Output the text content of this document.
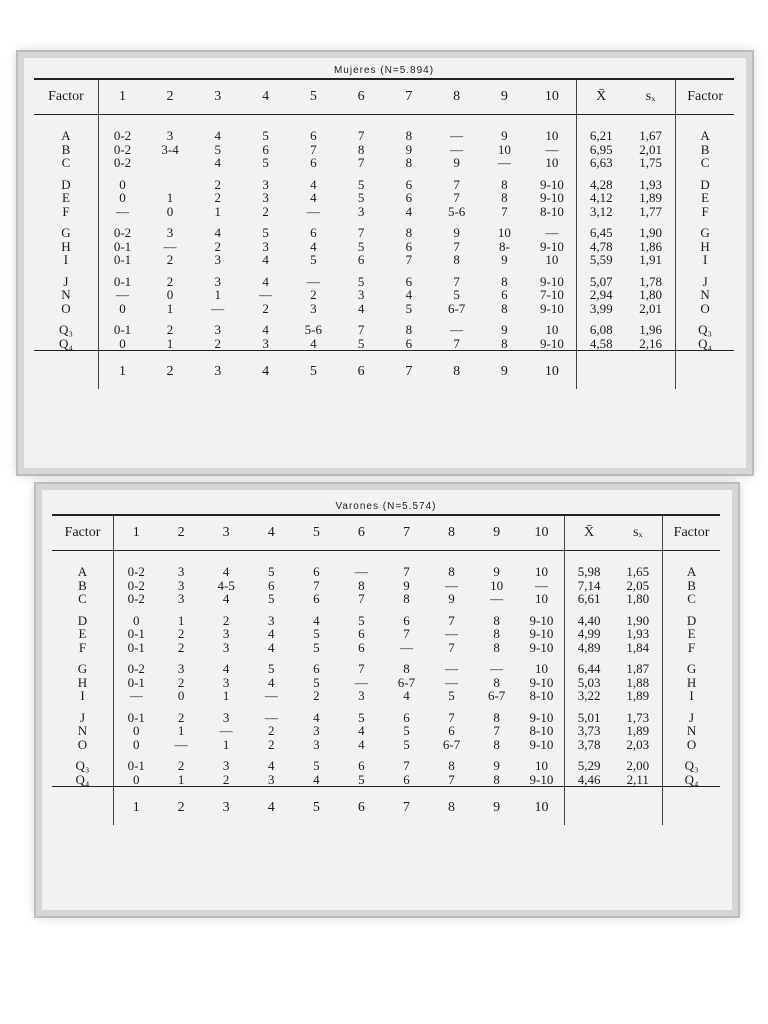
Mujeres (N=5.894)
Factor	1	2	3	4	5	6	7	8	9	10	X̄	sₓ	Factor
A	0-2	3	4	5	6	7	8	—	9	10	6,21	1,67	A
B	0-2	3-4	5	6	7	8	9	—	10	—	6,95	2,01	B
C	0-2		4	5	6	7	8	9	—	10	6,63	1,75	C

D	0		2	3	4	5	6	7	8	9-10	4,28	1,93	D
E	0	1	2	3	4	5	6	7	8	9-10	4,12	1,89	E
F	—	0	1	2	—	3	4	5-6	7	8-10	3,12	1,77	F

G	0-2	3	4	5	6	7	8	9	10	—	6,45	1,90	G
H	0-1	—	2	3	4	5	6	7	8-	9-10	4,78	1,86	H
I	0-1	2	3	4	5	6	7	8	9	10	5,59	1,91	I

J	0-1	2	3	4	—	5	6	7	8	9-10	5,07	1,78	J
N	—	0	1	—	2	3	4	5	6	7-10	2,94	1,80	N
O	0	1	—	2	3	4	5	6-7	8	9-10	3,99	2,01	O

Q₃	0-1	2	3	4	5-6	7	8	—	9	10	6,08	1,96	Q₃
Q₄	0	1	2	3	4	5	6	7	8	9-10	4,58	2,16	Q₄
	1	2	3	4	5	6	7	8	9	10			
Varones (N=5.574)
Factor	1	2	3	4	5	6	7	8	9	10	X̄	sₓ	Factor
A	0-2	3	4	5	6	—	7	8	9	10	5,98	1,65	A
B	0-2	3	4-5	6	7	8	9	—	10	—	7,14	2,05	B
C	0-2	3	4	5	6	7	8	9	—	10	6,61	1,80	C

D	0	1	2	3	4	5	6	7	8	9-10	4,40	1,90	D
E	0-1	2	3	4	5	6	7	—	8	9-10	4,99	1,93	E
F	0-1	2	3	4	5	6	—	7	8	9-10	4,89	1,84	F

G	0-2	3	4	5	6	7	8	—	—	10	6,44	1,87	G
H	0-1	2	3	4	5	—	6-7	—	8	9-10	5,03	1,88	H
I	—	0	1	—	2	3	4	5	6-7	8-10	3,22	1,89	I

J	0-1	2	3	—	4	5	6	7	8	9-10	5,01	1,73	J
N	0	1	—	2	3	4	5	6	7	8-10	3,73	1,89	N
O	0	—	1	2	3	4	5	6-7	8	9-10	3,78	2,03	O

Q₃	0-1	2	3	4	5	6	7	8	9	10	5,29	2,00	Q₃
Q₄	0	1	2	3	4	5	6	7	8	9-10	4,46	2,11	Q₄
	1	2	3	4	5	6	7	8	9	10			
